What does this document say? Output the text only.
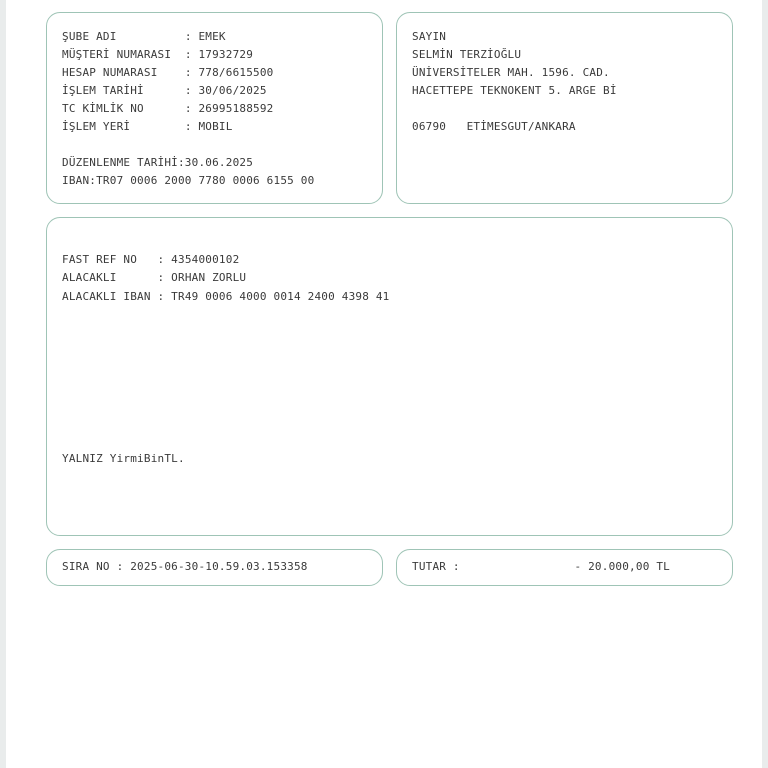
ŞUBE ADI          : EMEK

MÜŞTERİ NUMARASI  : 17932729

HESAP NUMARASI    : 778/6615500

İŞLEM TARİHİ      : 30/06/2025

TC KİMLİK NO      : 26995188592

İŞLEM YERİ        : MOBIL

DÜZENLENME TARİHİ:30.06.2025

IBAN:TR07 0006 2000 7780 0006 6155 00

SAYIN

SELMİN TERZİOĞLU

ÜNİVERSİTELER MAH. 1596. CAD.

HACETTEPE TEKNOKENT 5. ARGE Bİ

06790   ETİMESGUT/ANKARA

FAST REF NO   : 4354000102

ALACAKLI      : ORHAN ZORLU

ALACAKLI IBAN : TR49 0006 4000 0014 2400 4398 41

YALNIZ YirmiBinTL.

SIRA NO : 2025-06-30-10.59.03.153358

	TUTAR :

	- 20.000,00 TL
